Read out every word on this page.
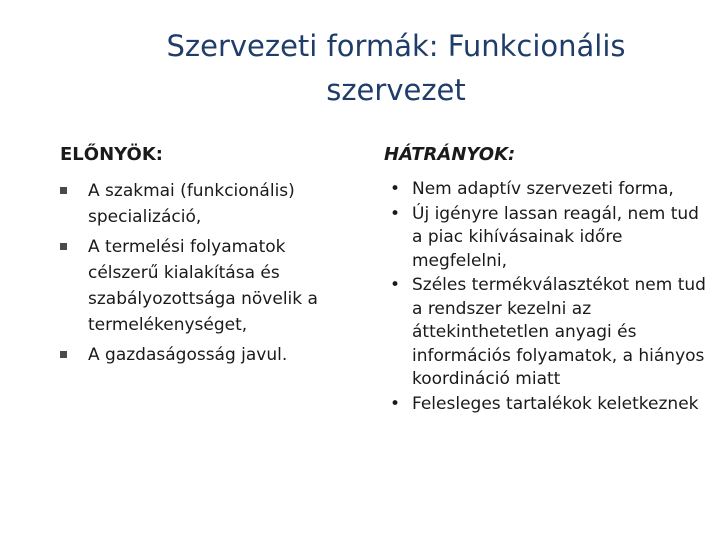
Szervezeti formák: Funkcionális
szervezet
ELŐNYÖK:
A szakmai (funkcionális) specializáció,
A termelési folyamatok célszerű kialakítása és szabályozottsága növelik a termelékenységet,
A gazdaságosság javul.
HÁTRÁNYOK:
• Nem adaptív szervezeti forma,
• Új igényre lassan reagál, nem tud a piac kihívásainak időre megfelelni,
• Széles termékválasztékot nem tud a rendszer kezelni az áttekinthetetlen anyagi és információs folyamatok, a hiányos koordináció miatt
• Felesleges tartalékok keletkeznek
